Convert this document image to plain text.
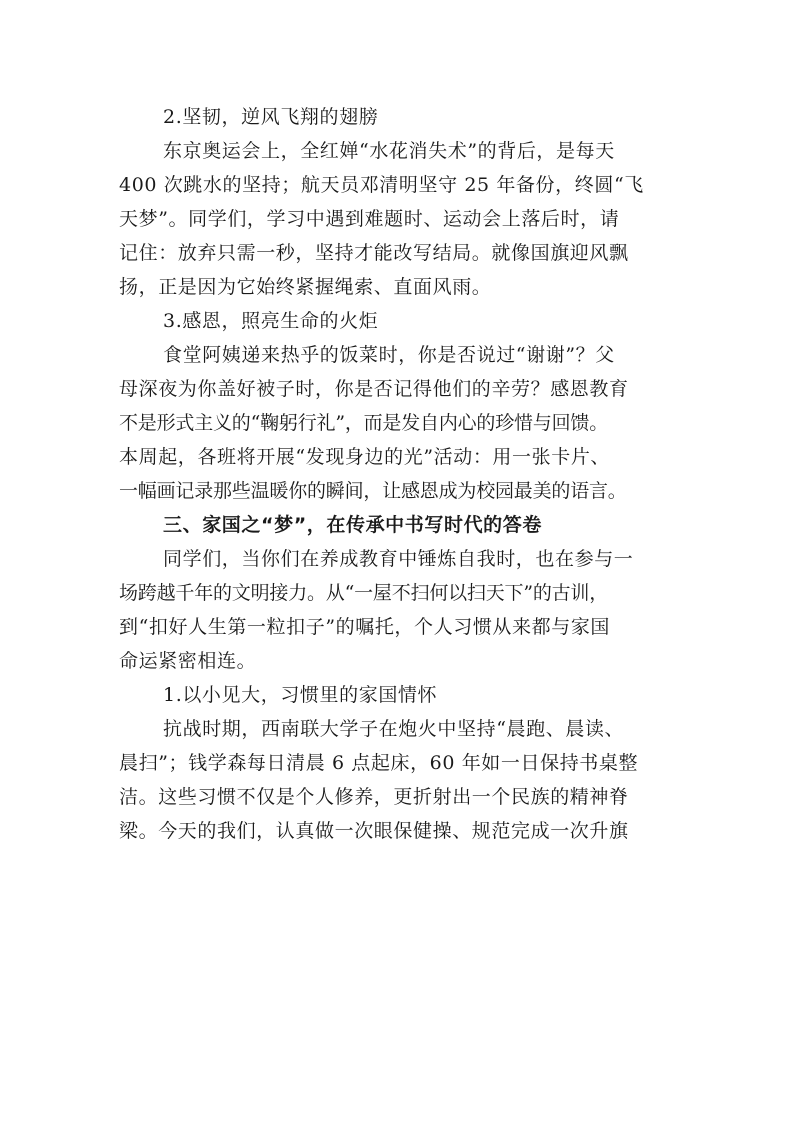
2.坚韧，逆风飞翔的翅膀
东京奥运会上，全红婵“水花消失术”的背后，是每天
400 次跳水的坚持；航天员邓清明坚守 25 年备份，终圆“飞
天梦”。同学们，学习中遇到难题时、运动会上落后时，请
记住：放弃只需一秒，坚持才能改写结局。就像国旗迎风飘
扬，正是因为它始终紧握绳索、直面风雨。
3.感恩，照亮生命的火炬
食堂阿姨递来热乎的饭菜时，你是否说过“谢谢”？父
母深夜为你盖好被子时，你是否记得他们的辛劳？感恩教育
不是形式主义的“鞠躬行礼”，而是发自内心的珍惜与回馈。
本周起，各班将开展“发现身边的光”活动：用一张卡片、
一幅画记录那些温暖你的瞬间，让感恩成为校园最美的语言。
三、家国之“梦”，在传承中书写时代的答卷
同学们，当你们在养成教育中锤炼自我时，也在参与一
场跨越千年的文明接力。从“一屋不扫何以扫天下”的古训，
到“扣好人生第一粒扣子”的嘱托，个人习惯从来都与家国
命运紧密相连。
1.以小见大，习惯里的家国情怀
抗战时期，西南联大学子在炮火中坚持“晨跑、晨读、
晨扫”；钱学森每日清晨 6 点起床，60 年如一日保持书桌整
洁。这些习惯不仅是个人修养，更折射出一个民族的精神脊
梁。今天的我们，认真做一次眼保健操、规范完成一次升旗
